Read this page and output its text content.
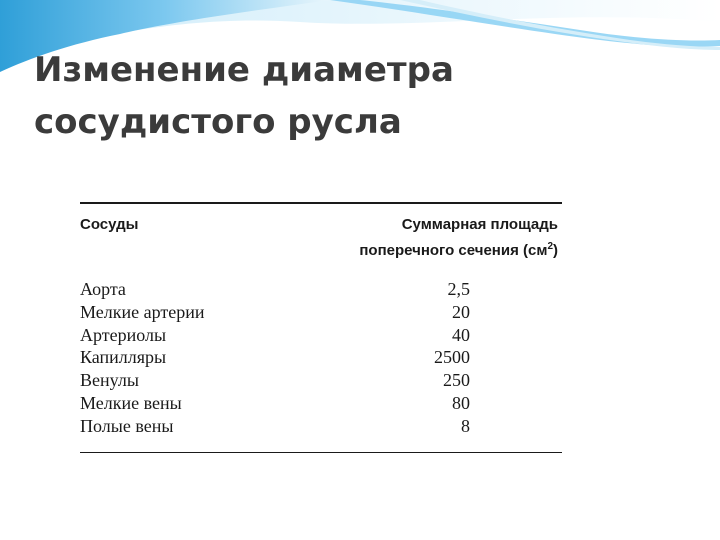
Изменение диаметра
сосудистого русла
Сосуды	Суммарная площадь
поперечного сечения $(см^2)$
Аорта	2,5
Мелкие артерии	20
Артериолы	40
Капилляры	2500
Венулы	250
Мелкие вены	80
Полые вены	8
